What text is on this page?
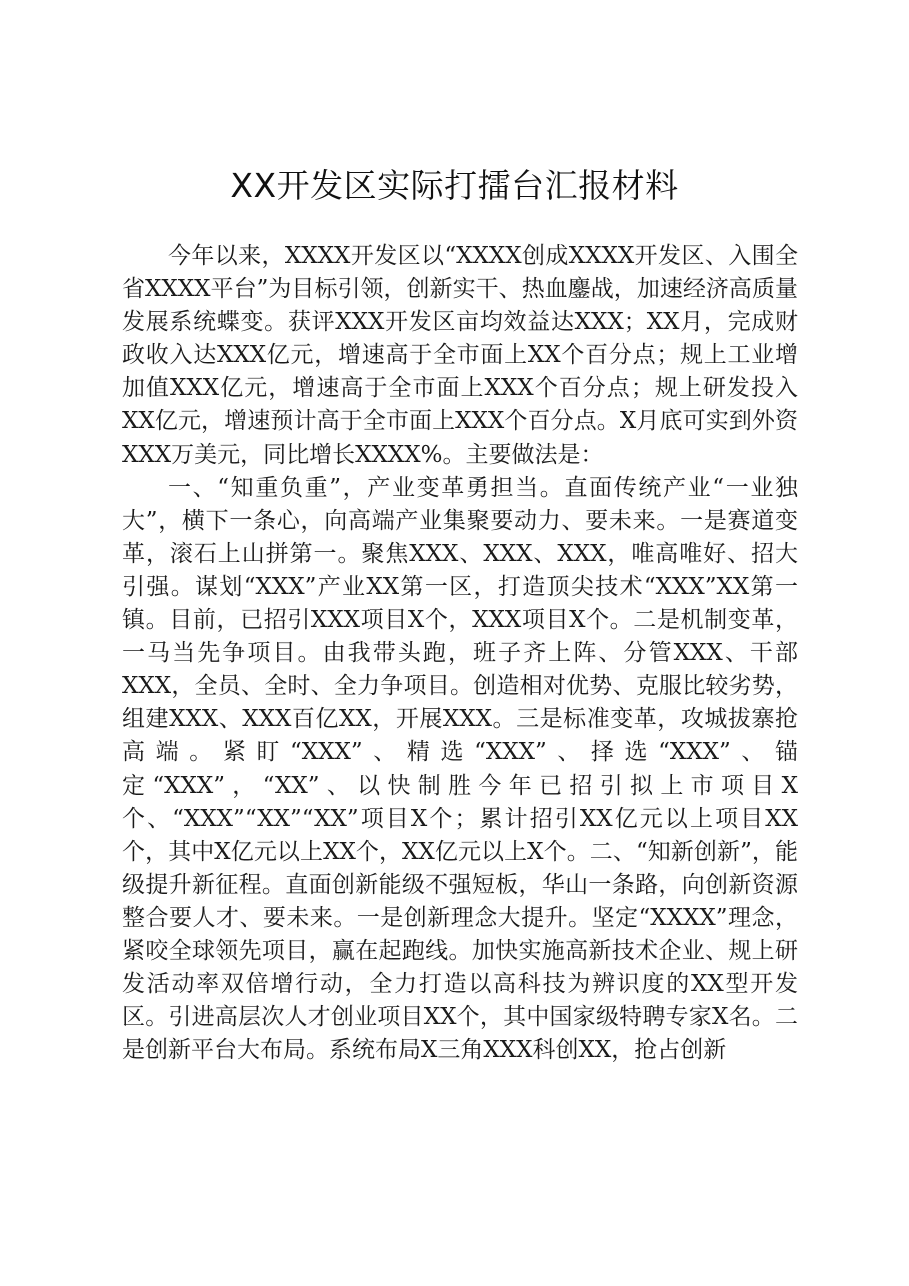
XX开发区实际打擂台汇报材料

今年以来，XXXX开发区以“XXXX创成XXXX开发区、入围全省XXXX平台”为目标引领，创新实干、热血鏖战，加速经济高质量发展系统蝶变。获评XXX开发区亩均效益达XXX；XX月，完成财政收入达XXX亿元，增速高于全市面上XX个百分点；规上工业增加值XXX亿元，增速高于全市面上XXX个百分点；规上研发投入XX亿元，增速预计高于全市面上XXX个百分点。X月底可实到外资XXX万美元，同比增长XXXX%。主要做法是：

一、“知重负重”，产业变革勇担当。直面传统产业“一业独大”，横下一条心，向高端产业集聚要动力、要未来。一是赛道变革，滚石上山拼第一。聚焦XXX、XXX、XXX，唯高唯好、招大引强。谋划“XXX”产业XX第一区，打造顶尖技术“XXX”XX第一镇。目前，已招引XXX项目X个，XXX项目X个。二是机制变革，一马当先争项目。由我带头跑，班子齐上阵、分管XXX、干部XXX，全员、全时、全力争项目。创造相对优势、克服比较劣势，组建XXX、XXX百亿XX，开展XXX。三是标准变革，攻城拔寨抢高端。紧盯“XXX”、精选“XXX”、择选“XXX”、锚定“XXX”，“XX”、以快制胜今年已招引拟上市项目X个、“XXX”“XX”“XX”项目X个；累计招引XX亿元以上项目XX个，其中X亿元以上XX个，XX亿元以上X个。二、“知新创新”，能级提升新征程。直面创新能级不强短板，华山一条路，向创新资源整合要人才、要未来。一是创新理念大提升。坚定“XXXX”理念，紧咬全球领先项目，赢在起跑线。加快实施高新技术企业、规上研发活动率双倍增行动，全力打造以高科技为辨识度的XX型开发区。引进高层次人才创业项目XX个，其中国家级特聘专家X名。二是创新平台大布局。系统布局X三角XXX科创XX，抢占创新
